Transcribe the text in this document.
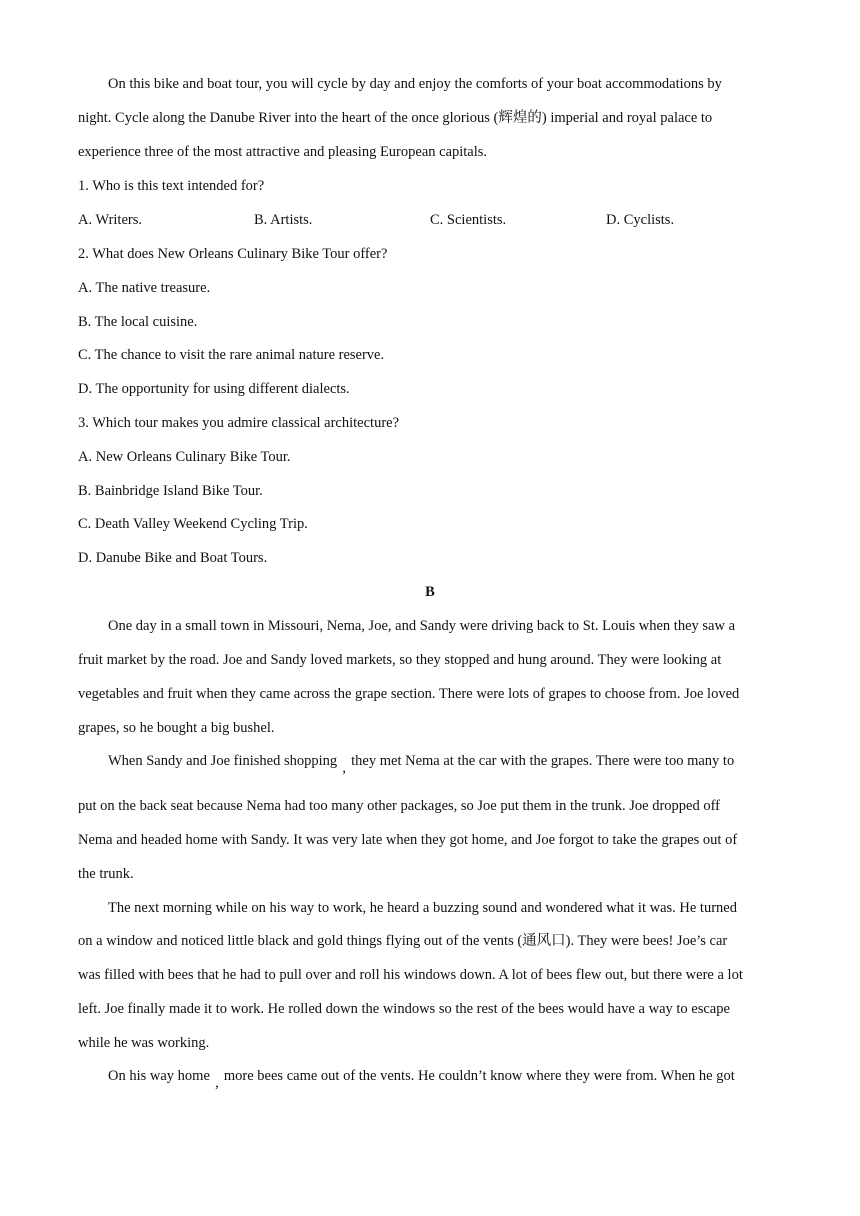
On this bike and boat tour, you will cycle by day and enjoy the comforts of your boat accommodations by
night. Cycle along the Danube River into the heart of the once glorious (辉煌的) imperial and royal palace to
experience three of the most attractive and pleasing European capitals.
1. Who is this text intended for?
A. Writers.	B. Artists.	C. Scientists.	D. Cyclists.
2. What does New Orleans Culinary Bike Tour offer?
A. The native treasure.
B. The local cuisine.
C. The chance to visit the rare animal nature reserve.
D. The opportunity for using different dialects.
3. Which tour makes you admire classical architecture?
A. New Orleans Culinary Bike Tour.
B. Bainbridge Island Bike Tour.
C. Death Valley Weekend Cycling Trip.
D. Danube Bike and Boat Tours.
B
One day in a small town in Missouri, Nema, Joe, and Sandy were driving back to St. Louis when they saw a
fruit market by the road. Joe and Sandy loved markets, so they stopped and hung around. They were looking at
vegetables and fruit when they came across the grape section. There were lots of grapes to choose from. Joe loved
grapes, so he bought a big bushel.
When Sandy and Joe finished shopping , they met Nema at the car with the grapes. There were too many to
put on the back seat because Nema had too many other packages, so Joe put them in the trunk. Joe dropped off
Nema and headed home with Sandy. It was very late when they got home, and Joe forgot to take the grapes out of
the trunk.
The next morning while on his way to work, he heard a buzzing sound and wondered what it was. He turned
on a window and noticed little black and gold things flying out of the vents (通风口). They were bees! Joe’s car
was filled with bees that he had to pull over and roll his windows down. A lot of bees flew out, but there were a lot
left. Joe finally made it to work. He rolled down the windows so the rest of the bees would have a way to escape
while he was working.
On his way home , more bees came out of the vents. He couldn’t know where they were from. When he got
